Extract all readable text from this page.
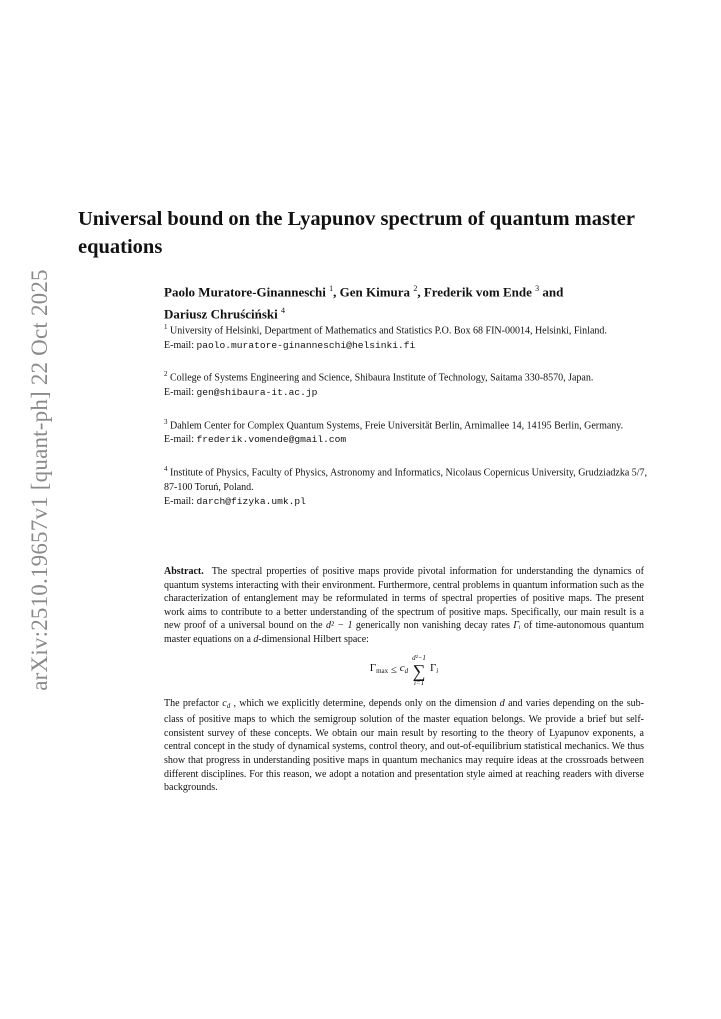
arXiv:2510.19657v1 [quant-ph] 22 Oct 2025
Universal bound on the Lyapunov spectrum of quantum master equations
Paolo Muratore-Ginanneschi $^1$, Gen Kimura $^2$, Frederik vom Ende $^3$ and
Dariusz Chruściński $^4$
$^1$ University of Helsinki, Department of Mathematics and Statistics P.O. Box 68 FIN-00014, Helsinki, Finland.
E-mail: paolo.muratore-ginanneschi@helsinki.fi
$^2$ College of Systems Engineering and Science, Shibaura Institute of Technology, Saitama 330-8570, Japan.
E-mail: gen@shibaura-it.ac.jp
$^3$ Dahlem Center for Complex Quantum Systems, Freie Universität Berlin, Arnimallee 14, 14195 Berlin, Germany.
E-mail: frederik.vomende@gmail.com
$^4$ Institute of Physics, Faculty of Physics, Astronomy and Informatics, Nicolaus Copernicus University, Grudziadzka 5/7, 87-100 Toruń, Poland.
E-mail: darch@fizyka.umk.pl

Abstract. The spectral properties of positive maps provide pivotal information for understanding the dynamics of quantum systems interacting with their environment. Furthermore, central problems in quantum information such as the characterization of entanglement may be reformulated in terms of spectral properties of positive maps. The present work aims to contribute to a better understanding of the spectrum of positive maps. Specifically, our main result is a new proof of a universal bound on the d² − 1 generically non vanishing decay rates Γᵢ of time-autonomous quantum master equations on a d-dimensional Hilbert space:

$\Gamma_{max}$
≤
$c_d$
d²−1
∑
i=1
$\Gamma_i$

The prefactor $c_d$ , which we explicitly determine, depends only on the dimension d and varies depending on the sub-class of positive maps to which the semigroup solution of the master equation belongs. We provide a brief but self-consistent survey of these concepts. We obtain our main result by resorting to the theory of Lyapunov exponents, a central concept in the study of dynamical systems, control theory, and out-of-equilibrium statistical mechanics. We thus show that progress in understanding positive maps in quantum mechanics may require ideas at the crossroads between different disciplines. For this reason, we adopt a notation and presentation style aimed at reaching readers with diverse backgrounds.
